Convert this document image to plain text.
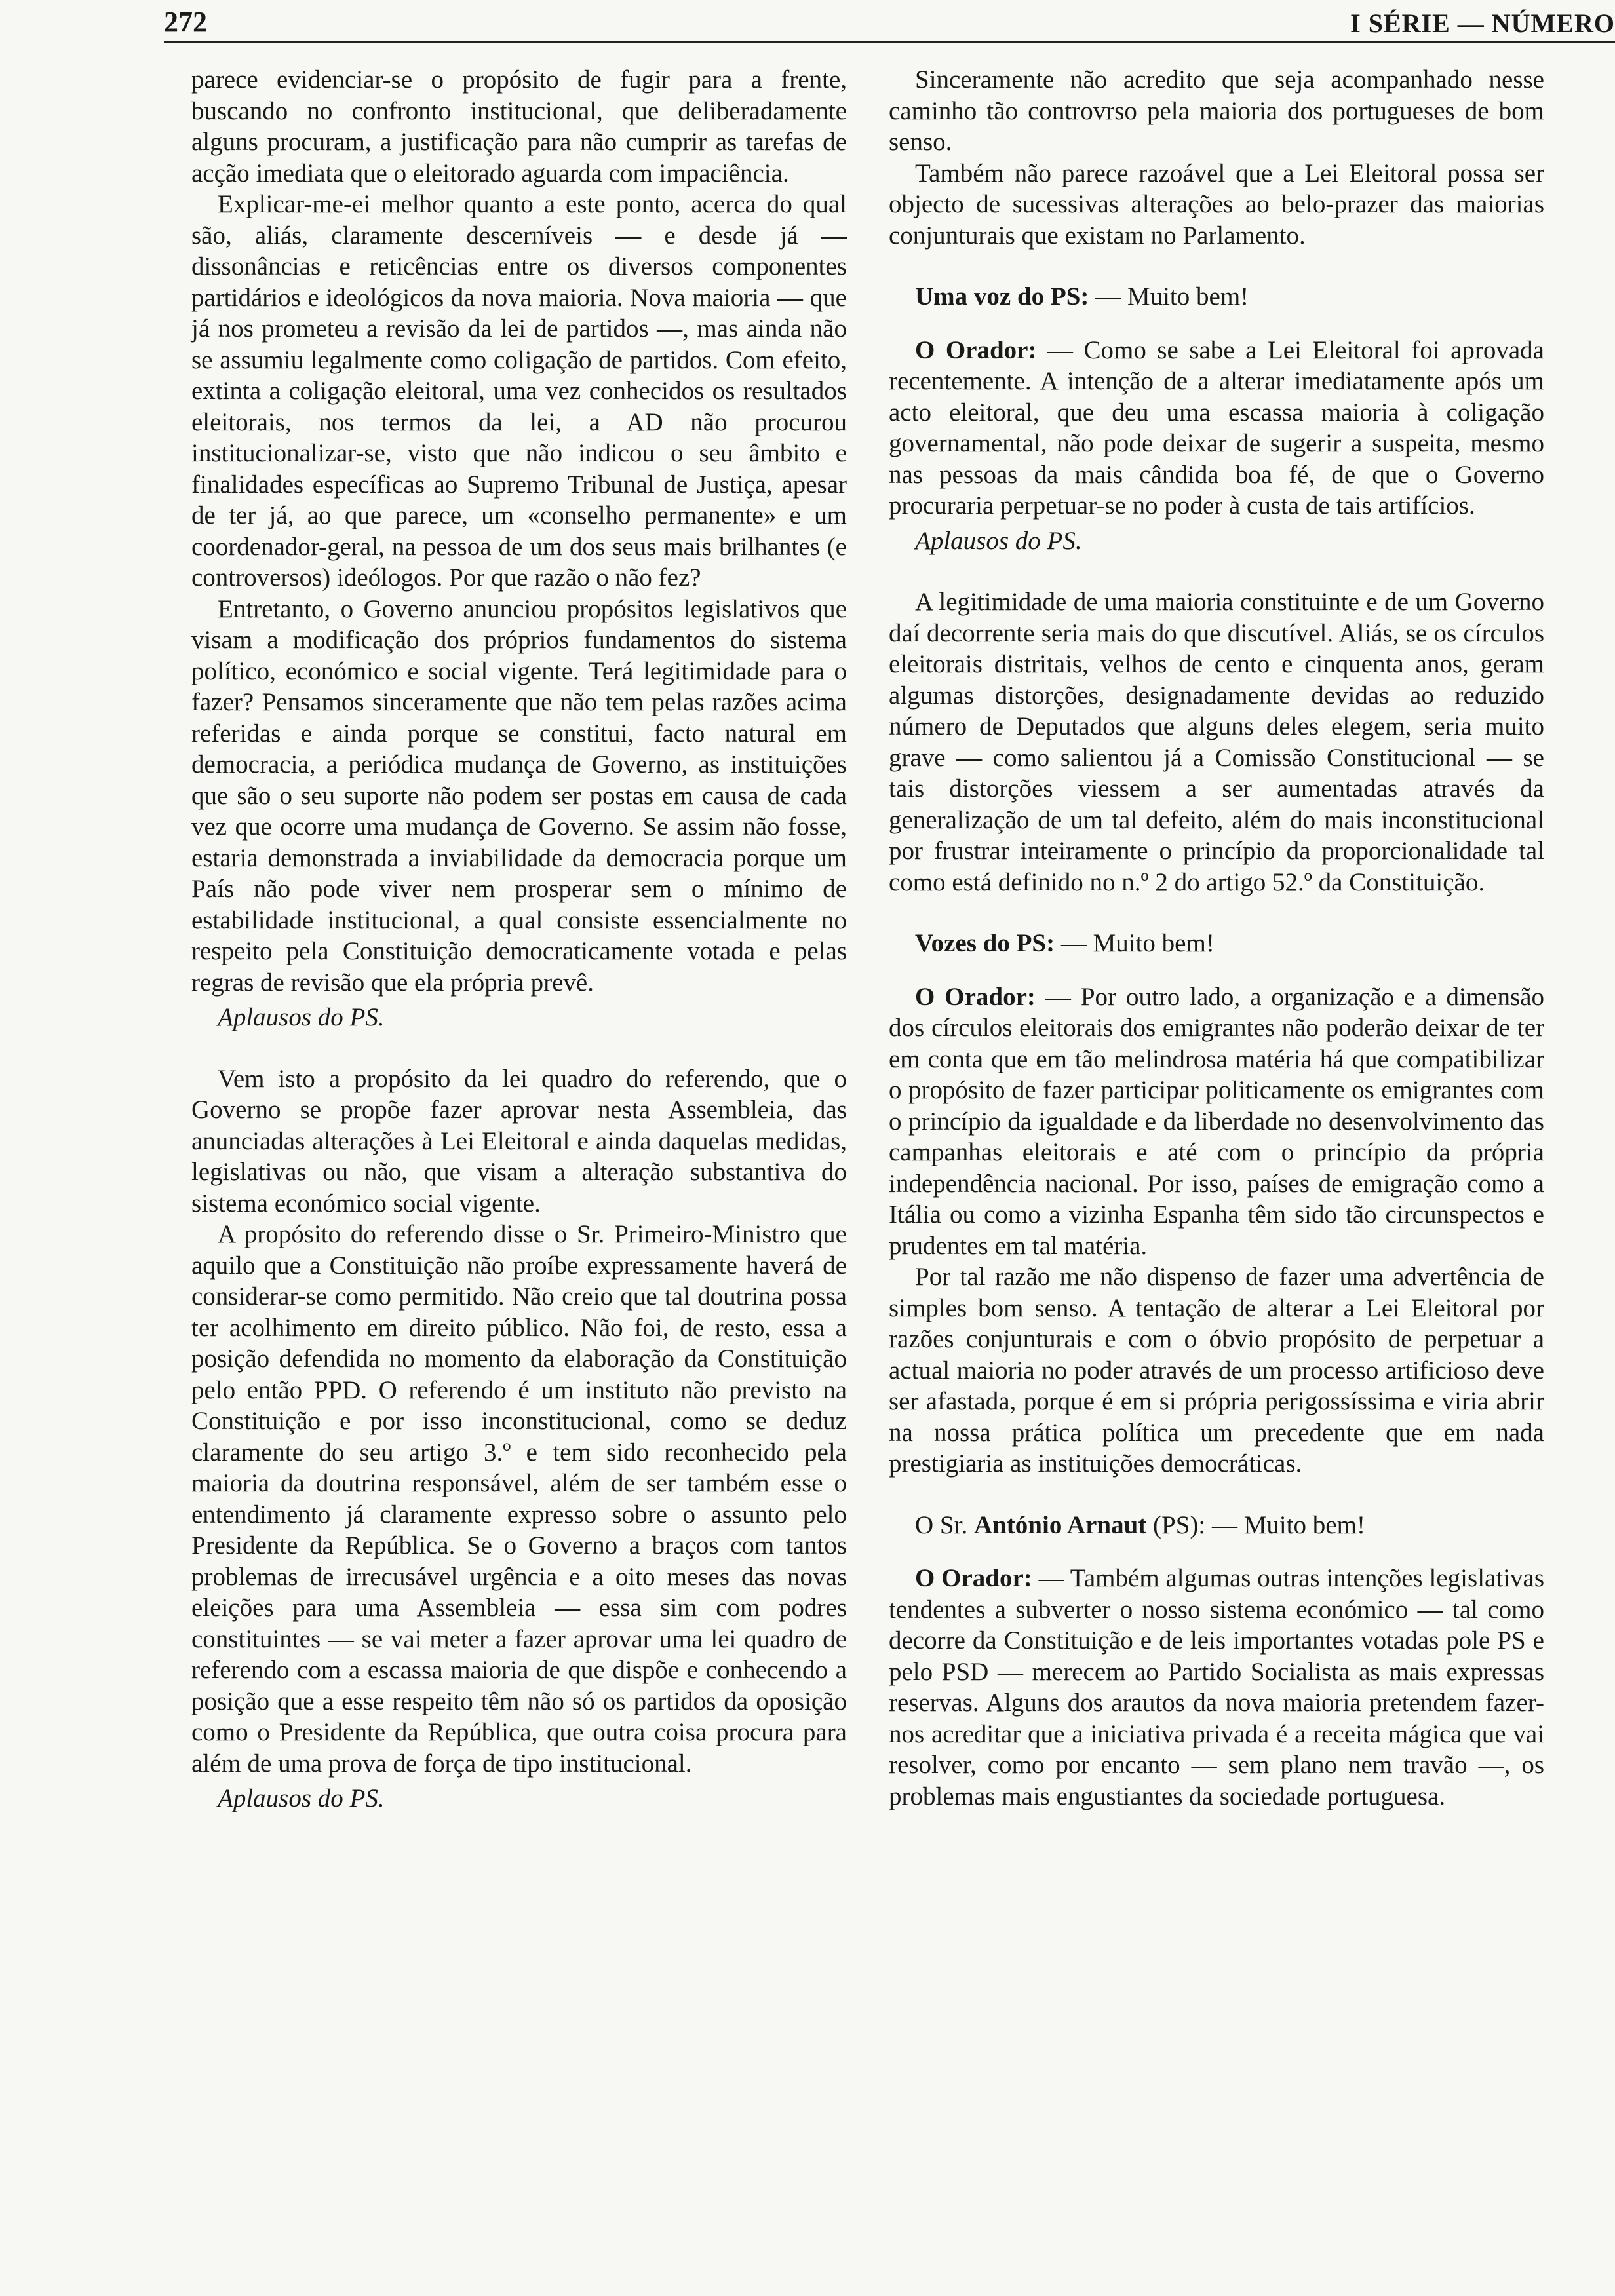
272	I SÉRIE — NÚMERO

parece evidenciar-se o propósito de fugir para a frente, buscando no confronto institucional, que deliberadamente alguns procuram, a justificação para não cumprir as tarefas de acção imediata que o eleitorado aguarda com impaciência.

Explicar-me-ei melhor quanto a este ponto, acerca do qual são, aliás, claramente descerníveis — e desde já — dissonâncias e reticências entre os diversos componentes partidários e ideológicos da nova maioria. Nova maioria — que já nos prometeu a revisão da lei de partidos —, mas ainda não se assumiu legalmente como coligação de partidos. Com efeito, extinta a coligação eleitoral, uma vez conhecidos os resultados eleitorais, nos termos da lei, a AD não procurou institucionalizar-se, visto que não indicou o seu âmbito e finalidades específicas ao Supremo Tribunal de Justiça, apesar de ter já, ao que parece, um «conselho permanente» e um coordenador-geral, na pessoa de um dos seus mais brilhantes (e controversos) ideólogos. Por que razão o não fez?

Entretanto, o Governo anunciou propósitos legislativos que visam a modificação dos próprios fundamentos do sistema político, económico e social vigente. Terá legitimidade para o fazer? Pensamos sinceramente que não tem pelas razões acima referidas e ainda porque se constitui, facto natural em democracia, a periódica mudança de Governo, as instituições que são o seu suporte não podem ser postas em causa de cada vez que ocorre uma mudança de Governo. Se assim não fosse, estaria demonstrada a inviabilidade da democracia porque um País não pode viver nem prosperar sem o mínimo de estabilidade institucional, a qual consiste essencialmente no respeito pela Constituição democraticamente votada e pelas regras de revisão que ela própria prevê.

Aplausos do PS.

Vem isto a propósito da lei quadro do referendo, que o Governo se propõe fazer aprovar nesta Assembleia, das anunciadas alterações à Lei Eleitoral e ainda daquelas medidas, legislativas ou não, que visam a alteração substantiva do sistema económico social vigente.

A propósito do referendo disse o Sr. Primeiro-Ministro que aquilo que a Constituição não proíbe expressamente haverá de considerar-se como permitido. Não creio que tal doutrina possa ter acolhimento em direito público. Não foi, de resto, essa a posição defendida no momento da elaboração da Constituição pelo então PPD. O referendo é um instituto não previsto na Constituição e por isso inconstitucional, como se deduz claramente do seu artigo 3.º e tem sido reconhecido pela maioria da doutrina responsável, além de ser também esse o entendimento já claramente expresso sobre o assunto pelo Presidente da República. Se o Governo a braços com tantos problemas de irrecusável urgência e a oito meses das novas eleições para uma Assembleia — essa sim com podres constituintes — se vai meter a fazer aprovar uma lei quadro de referendo com a escassa maioria de que dispõe e conhecendo a posição que a esse respeito têm não só os partidos da oposição como o Presidente da República, que outra coisa procura para além de uma prova de força de tipo institucional.

Aplausos do PS.

Sinceramente não acredito que seja acompanhado nesse caminho tão controvrso pela maioria dos portugueses de bom senso.

Também não parece razoável que a Lei Eleitoral possa ser objecto de sucessivas alterações ao belo-prazer das maiorias conjunturais que existam no Parlamento.

Uma voz do PS: — Muito bem!

O Orador: — Como se sabe a Lei Eleitoral foi aprovada recentemente. A intenção de a alterar imediatamente após um acto eleitoral, que deu uma escassa maioria à coligação governamental, não pode deixar de sugerir a suspeita, mesmo nas pessoas da mais cândida boa fé, de que o Governo procuraria perpetuar-se no poder à custa de tais artifícios.

Aplausos do PS.

A legitimidade de uma maioria constituinte e de um Governo daí decorrente seria mais do que discutível. Aliás, se os círculos eleitorais distritais, velhos de cento e cinquenta anos, geram algumas distorções, designadamente devidas ao reduzido número de Deputados que alguns deles elegem, seria muito grave — como salientou já a Comissão Constitucional — se tais distorções viessem a ser aumentadas através da generalização de um tal defeito, além do mais inconstitucional por frustrar inteiramente o princípio da proporcionalidade tal como está definido no n.º 2 do artigo 52.º da Constituição.

Vozes do PS: — Muito bem!

O Orador: — Por outro lado, a organização e a dimensão dos círculos eleitorais dos emigrantes não poderão deixar de ter em conta que em tão melindrosa matéria há que compatibilizar o propósito de fazer participar politicamente os emigrantes com o princípio da igualdade e da liberdade no desenvolvimento das campanhas eleitorais e até com o princípio da própria independência nacional. Por isso, países de emigração como a Itália ou como a vizinha Espanha têm sido tão circunspectos e prudentes em tal matéria.

Por tal razão me não dispenso de fazer uma advertência de simples bom senso. A tentação de alterar a Lei Eleitoral por razões conjunturais e com o óbvio propósito de perpetuar a actual maioria no poder através de um processo artificioso deve ser afastada, porque é em si própria perigossíssima e viria abrir na nossa prática política um precedente que em nada prestigiaria as instituições democráticas.

O Sr. António Arnaut (PS): — Muito bem!

O Orador: — Também algumas outras intenções legislativas tendentes a subverter o nosso sistema económico — tal como decorre da Constituição e de leis importantes votadas pole PS e pelo PSD — merecem ao Partido Socialista as mais expressas reservas. Alguns dos arautos da nova maioria pretendem fazer-nos acreditar que a iniciativa privada é a receita mágica que vai resolver, como por encanto — sem plano nem travão —, os problemas mais engustiantes da sociedade portuguesa.
